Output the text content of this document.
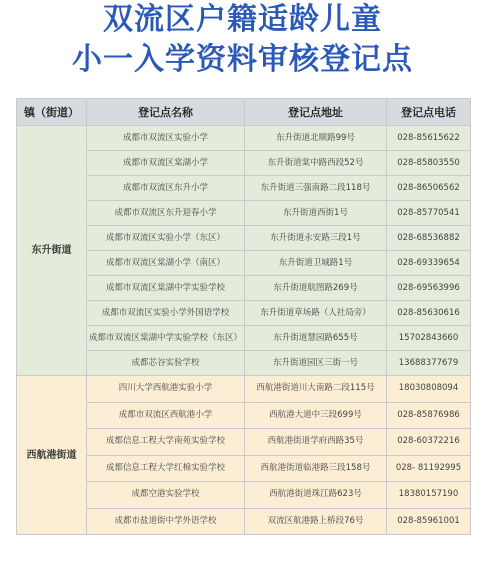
双流区户籍适龄儿童
小一入学资料审核登记点
镇（街道）	登记点名称	登记点地址	登记点电话
东升街道	成都市双流区实验小学	东升街道北顺路99号	028-85615622
	成都市双流区棠湖小学	东升街道棠中路西段52号	028-85803550
	成都市双流区东升小学	东升街道三强南路二段118号	028-86506562
	成都市双流区东升迎春小学	东升街道西街1号	028-85770541
	成都市双流区实验小学（东区）	东升街道永安路三段1号	028-68536882
	成都市双流区棠湖小学（南区）	东升街道卫城路1号	028-69339654
	成都市双流区棠湖中学实验学校	东升街道航图路269号	028-69563996
	成都市双流区实验小学外国语学校	东升街道草场路（人社局旁）	028-85630616
	成都市双流区棠湖中学实验学校（东区）	东升街道慧园路655号	15702843660
	成都芯谷实验学校	东升街道园区三街一号	13688377679
西航港街道	四川大学西航港实验小学	西航港街道川大南路二段115号	18030808094
	成都市双流区西航港小学	西航港大道中三段699号	028-85876986
	成都信息工程大学南苑实验学校	西航港街道学府西路35号	028-60372216
	成都信息工程大学红棉实验学校	西航港街道临港路三段158号	028- 81192995
	成都空港实验学校	西航港街道珠江路623号	18380157190
	成都市盐道街中学外语学校	双流区航港路上桥段76号	028-85961001
